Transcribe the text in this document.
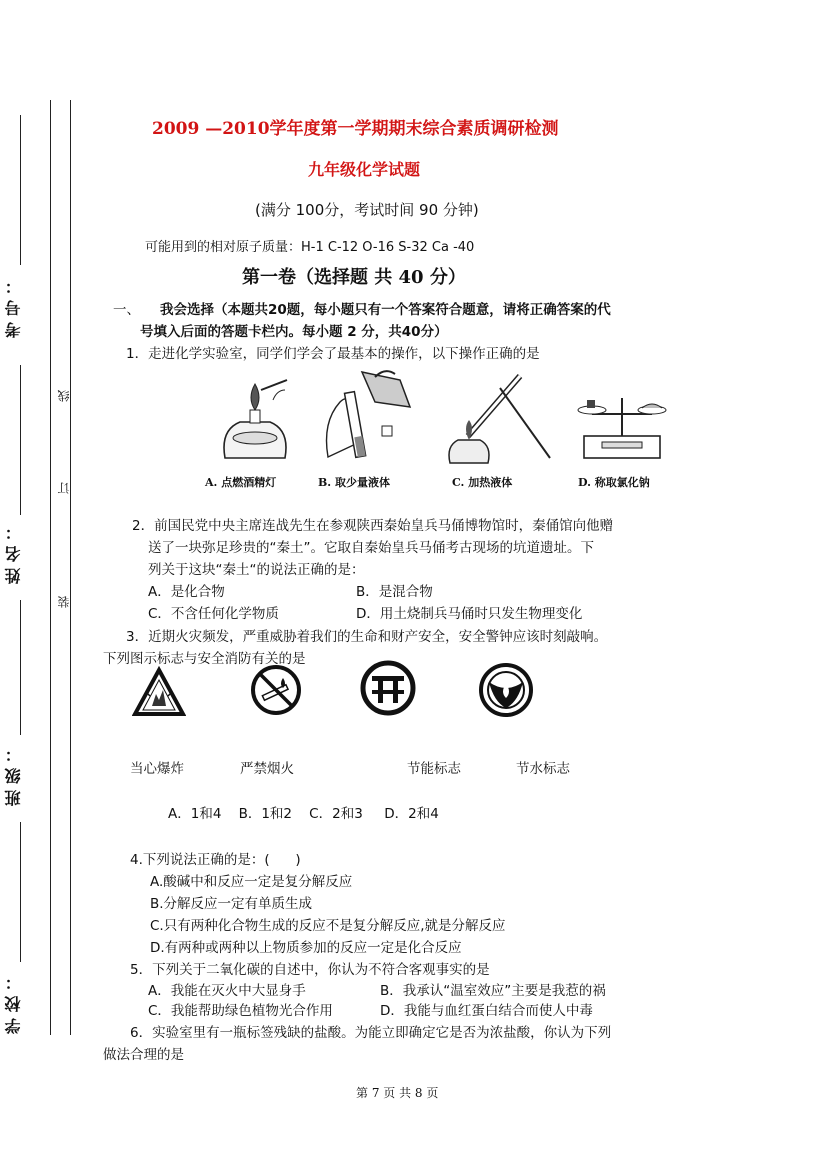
考号：
姓名：
班级：
学校：
线
订
装
2009 —2010学年度第一学期期末综合素质调研检测
九年级化学试题
(满分 100分，考试时间 90 分钟)
可能用到的相对原子质量：H-1 C-12 O-16 S-32 Ca -40
第一卷（选择题 共 40 分）
一、 我会选择（本题共20题，每小题只有一个答案符合题意，请将正确答案的代
号填入后面的答题卡栏内。每小题 2 分，共40分）
1．走进化学实验室，同学们学会了最基本的操作，以下操作正确的是
A. 点燃酒精灯	B. 取少量液体	C. 加热液体	D. 称取氯化钠
2．前国民党中央主席连战先生在参观陕西秦始皇兵马俑博物馆时，秦俑馆向他赠
送了一块弥足珍贵的“秦土”。它取自秦始皇兵马俑考古现场的坑道遗址。下
列关于这块“秦土“的说法正确的是：
A．是化合物	B．是混合物
C．不含任何化学物质	D．用土烧制兵马俑时只发生物理变化
3．近期火灾频发，严重威胁着我们的生命和财产安全，安全警钟应该时刻敲响。
下列图示标志与安全消防有关的是
当心爆炸	严禁烟火	节能标志	节水标志
A．1和4    B．1和2    C．2和3     D．2和4
4.下列说法正确的是：(      )
A.酸碱中和反应一定是复分解反应
B.分解反应一定有单质生成
C.只有两种化合物生成的反应不是复分解反应,就是分解反应
D.有两种或两种以上物质参加的反应一定是化合反应
5．下列关于二氧化碳的自述中，你认为不符合客观事实的是
A．我能在灭火中大显身手	B．我承认“温室效应”主要是我惹的祸
C．我能帮助绿色植物光合作用	D．我能与血红蛋白结合而使人中毒
6．实验室里有一瓶标签残缺的盐酸。为能立即确定它是否为浓盐酸，你认为下列
做法合理的是
第 7 页 共 8 页
